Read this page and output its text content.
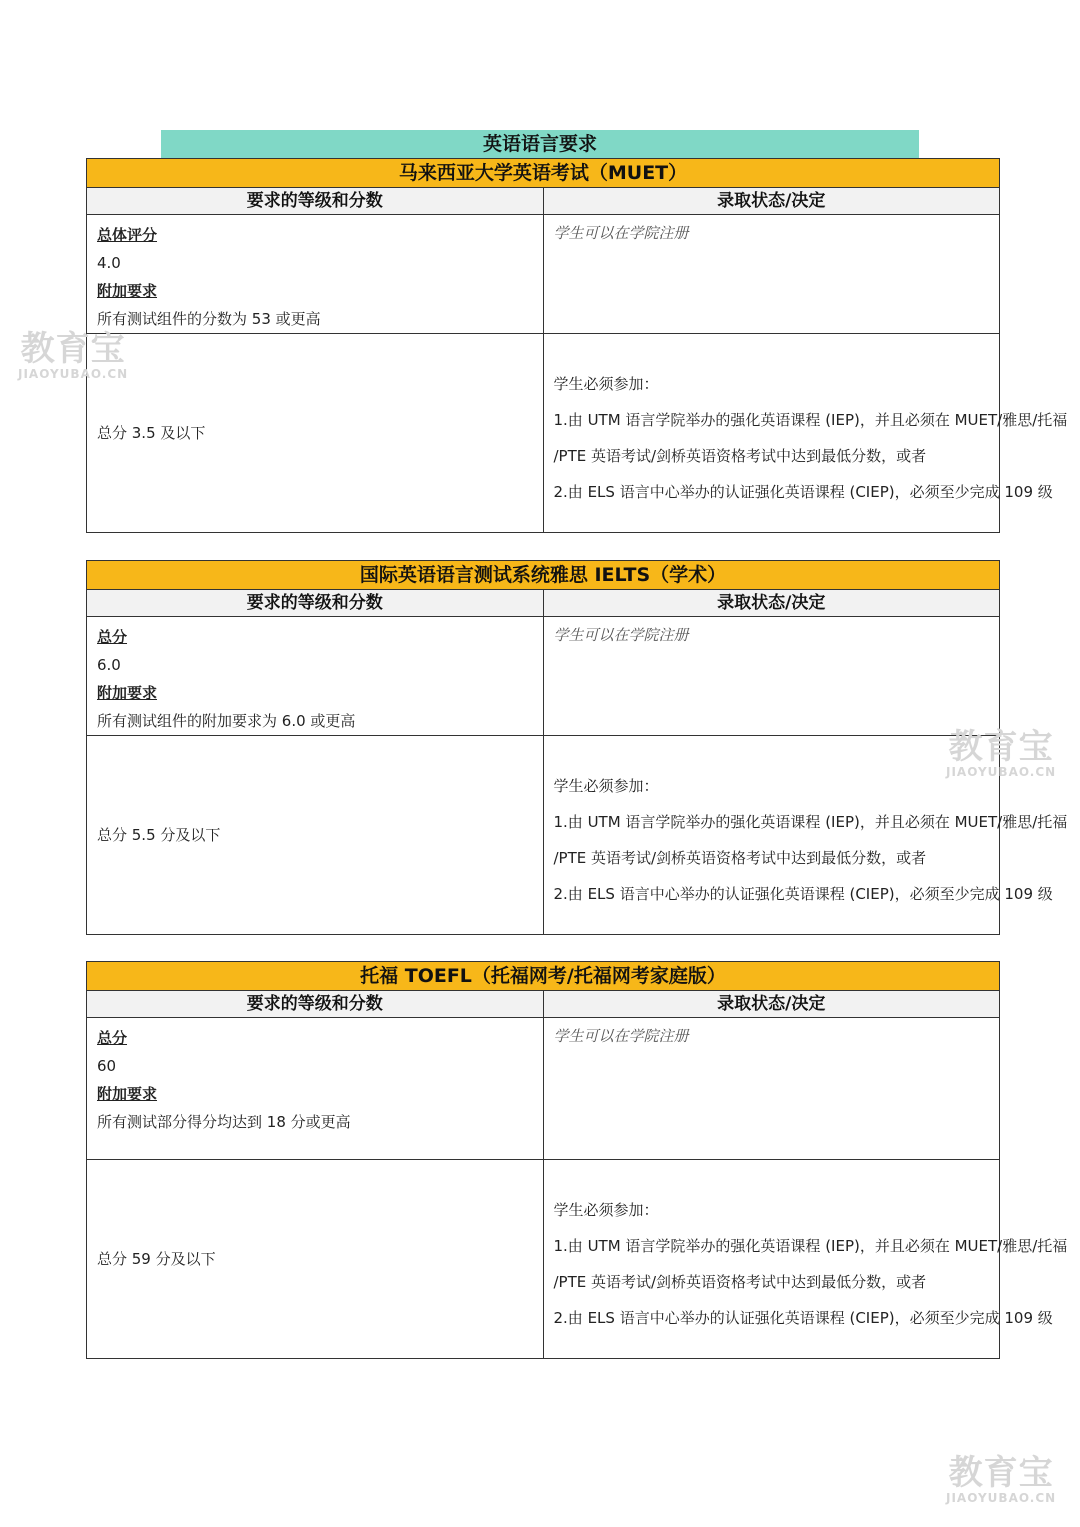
英语语言要求
马来西亚大学英语考试（MUET）	
要求的等级和分数	录取状态/决定

总体评分
4.0
附加要求
所有测试组件的分数为 53 或更高	学生可以在学院注册

总分 3.5 及以下	学生必须参加：
1.由 UTM 语言学院举办的强化英语课程 (IEP)，并且必须在 MUET/雅思/托福
/PTE 英语考试/剑桥英语资格考试中达到最低分数，或者
2.由 ELS 语言中心举办的认证强化英语课程 (CIEP)，必须至少完成 109 级
国际英语语言测试系统雅思 IELTS（学术）	
要求的等级和分数	录取状态/决定

总分
6.0
附加要求
所有测试组件的附加要求为 6.0 或更高	学生可以在学院注册

总分 5.5 分及以下	学生必须参加：
1.由 UTM 语言学院举办的强化英语课程 (IEP)，并且必须在 MUET/雅思/托福
/PTE 英语考试/剑桥英语资格考试中达到最低分数，或者
2.由 ELS 语言中心举办的认证强化英语课程 (CIEP)，必须至少完成 109 级
托福 TOEFL（托福网考/托福网考家庭版）	
要求的等级和分数	录取状态/决定

总分
60
附加要求
所有测试部分得分均达到 18 分或更高	学生可以在学院注册

总分 59 分及以下	学生必须参加：
1.由 UTM 语言学院举办的强化英语课程 (IEP)，并且必须在 MUET/雅思/托福
/PTE 英语考试/剑桥英语资格考试中达到最低分数，或者
2.由 ELS 语言中心举办的认证强化英语课程 (CIEP)，必须至少完成 109 级
教育宝
JIAOYUBAO.CN
教育宝
JIAOYUBAO.CN
教育宝
JIAOYUBAO.CN
